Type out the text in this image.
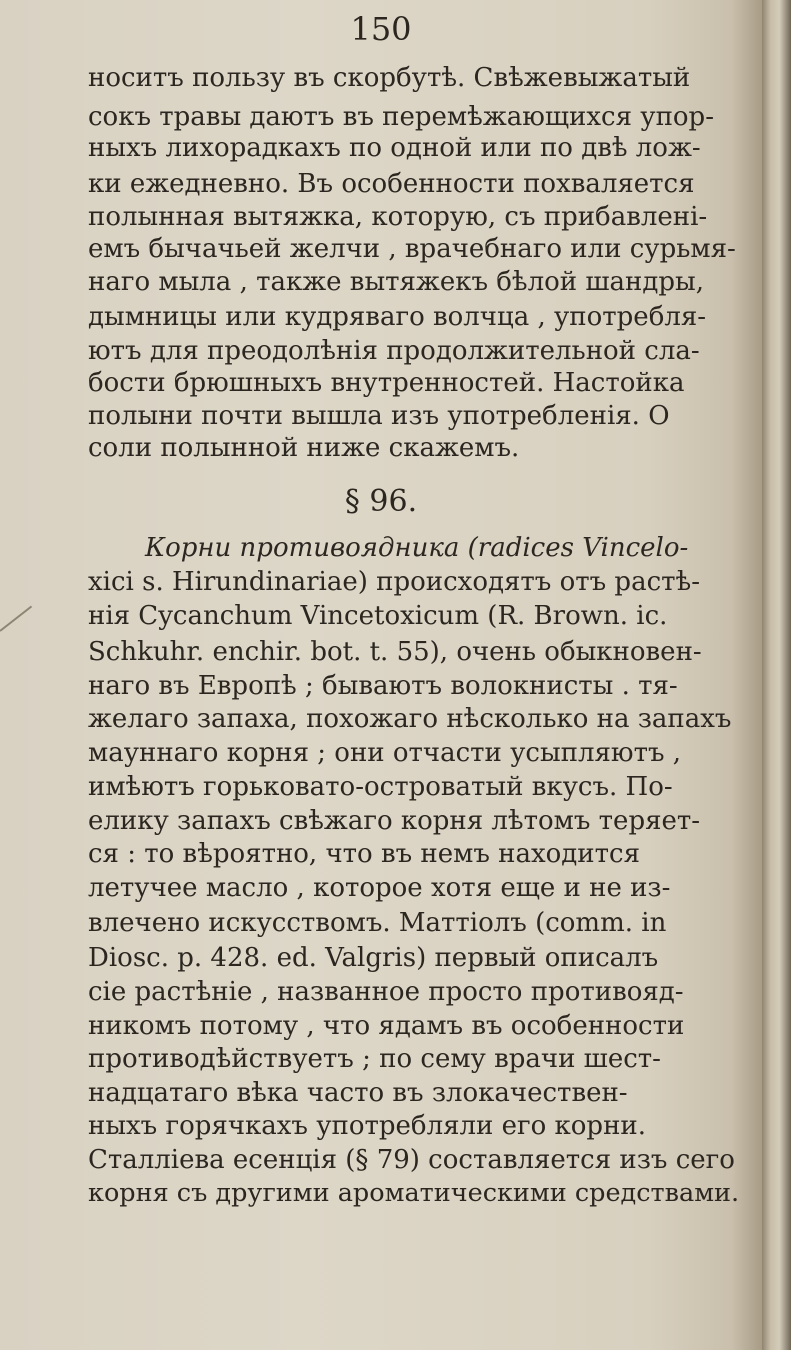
150
носитъ пользу въ скорбутѣ. Свѣжевыжатый
сокъ травы даютъ въ перемѣжающихся упор-
ныхъ лихорадкахъ по одной или по двѣ лож-
ки ежедневно. Въ особенности похваляется
полынная вытяжка, которую, съ прибавлені-
емъ бычачьей желчи , врачебнаго или сурьмя-
наго мыла , также вытяжекъ бѣлой шандры,
дымницы или кудряваго волчца , употребля-
ютъ для преодолѣнія продолжительной сла-
бости брюшныхъ внутренностей. Настойка
полыни почти вышла изъ употребленія. О
соли полынной ниже скажемъ.
§ 96.
Корни противоядника (radices Vincelo-
xici s. Hirundinariae) происходятъ отъ растѣ-
нія Cycanchum Vincetoxicum (R. Brown. ic.
Schkuhr. enchir. bot. t. 55), очень обыкновен-
наго въ Европѣ ; бываютъ волокнисты . тя-
желаго запаха, похожаго нѣсколько на запахъ
мауннаго корня ; они отчасти усыпляютъ ,
имѣютъ горьковато-островатый вкусъ. По-
елику запахъ свѣжаго корня лѣтомъ теряет-
ся : то вѣроятно, что въ немъ находится
летучее масло , которое хотя еще и не из-
влечено искусствомъ. Маттіолъ (comm. in
Diosc. p. 428. ed. Valgris) первый описалъ
сіе растѣніе , названное просто противояд-
никомъ потому , что ядамъ въ особенности
противодѣйствуетъ ; по сему врачи шест-
надцатаго вѣка часто въ злокачествен-
ныхъ горячкахъ употребляли его корни.
Сталліева есенція (§ 79) составляется изъ сего
корня съ другими ароматическими средствами.
